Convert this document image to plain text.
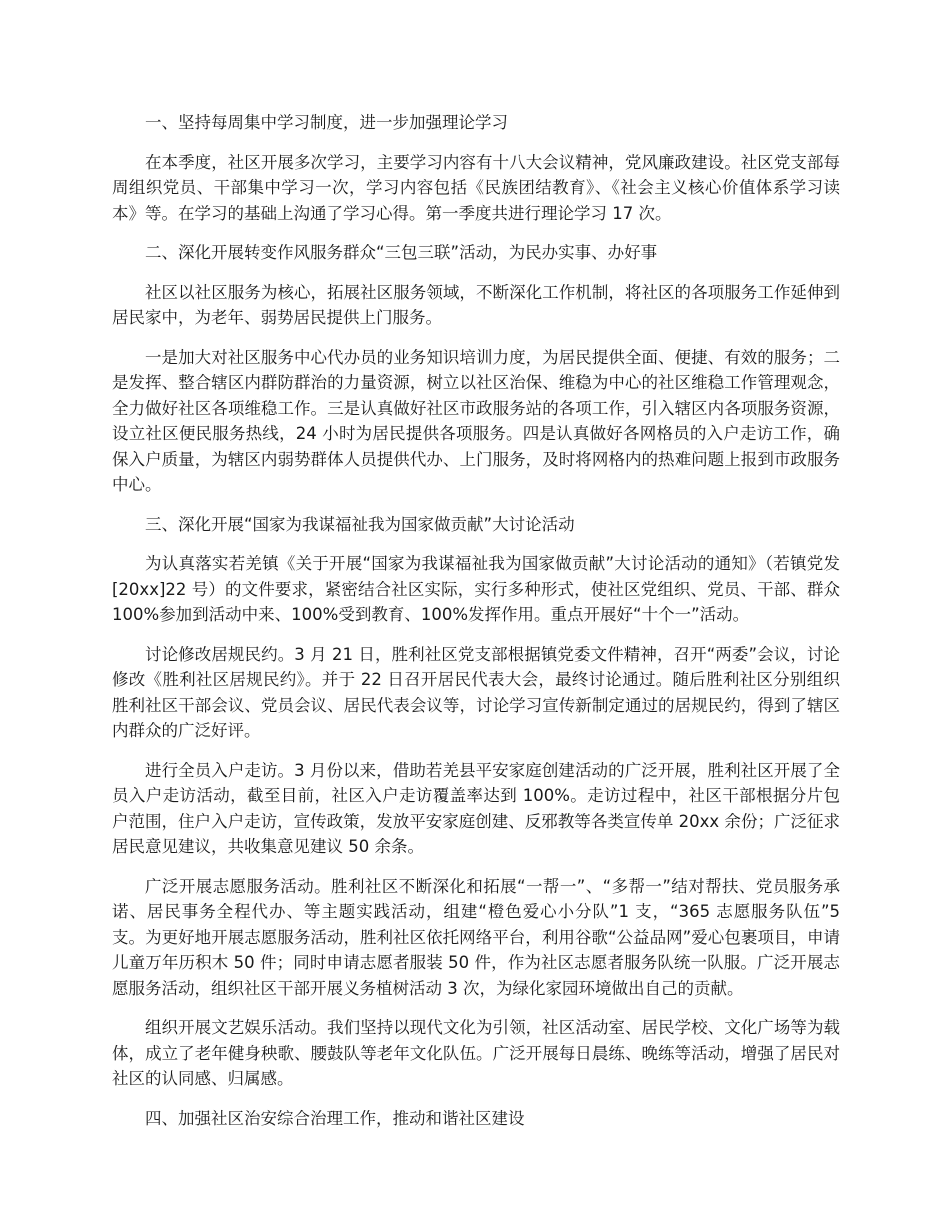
一、坚持每周集中学习制度，进一步加强理论学习

在本季度，社区开展多次学习，主要学习内容有十八大会议精神，党风廉政建设。社区党支部每周组织党员、干部集中学习一次，学习内容包括《民族团结教育》、《社会主义核心价值体系学习读本》等。在学习的基础上沟通了学习心得。第一季度共进行理论学习 17 次。

二、深化开展转变作风服务群众“三包三联”活动，为民办实事、办好事

社区以社区服务为核心，拓展社区服务领域，不断深化工作机制，将社区的各项服务工作延伸到居民家中，为老年、弱势居民提供上门服务。

一是加大对社区服务中心代办员的业务知识培训力度，为居民提供全面、便捷、有效的服务；二是发挥、整合辖区内群防群治的力量资源，树立以社区治保、维稳为中心的社区维稳工作管理观念，全力做好社区各项维稳工作。三是认真做好社区市政服务站的各项工作，引入辖区内各项服务资源，设立社区便民服务热线，24 小时为居民提供各项服务。四是认真做好各网格员的入户走访工作，确保入户质量，为辖区内弱势群体人员提供代办、上门服务，及时将网格内的热难问题上报到市政服务中心。

三、深化开展“国家为我谋福祉我为国家做贡献”大讨论活动

为认真落实若羌镇《关于开展“国家为我谋福祉我为国家做贡献”大讨论活动的通知》（若镇党发[20xx]22 号）的文件要求，紧密结合社区实际，实行多种形式，使社区党组织、党员、干部、群众 100%参加到活动中来、100%受到教育、100%发挥作用。重点开展好“十个一”活动。

讨论修改居规民约。3 月 21 日，胜利社区党支部根据镇党委文件精神，召开“两委”会议，讨论修改《胜利社区居规民约》。并于 22 日召开居民代表大会，最终讨论通过。随后胜利社区分别组织胜利社区干部会议、党员会议、居民代表会议等，讨论学习宣传新制定通过的居规民约，得到了辖区内群众的广泛好评。

进行全员入户走访。3 月份以来，借助若羌县平安家庭创建活动的广泛开展，胜利社区开展了全员入户走访活动，截至目前，社区入户走访覆盖率达到 100%。走访过程中，社区干部根据分片包户范围，住户入户走访，宣传政策，发放平安家庭创建、反邪教等各类宣传单 20xx 余份；广泛征求居民意见建议，共收集意见建议 50 余条。

广泛开展志愿服务活动。胜利社区不断深化和拓展“一帮一”、“多帮一”结对帮扶、党员服务承诺、居民事务全程代办、等主题实践活动，组建“橙色爱心小分队”1 支，“365 志愿服务队伍”5 支。为更好地开展志愿服务活动，胜利社区依托网络平台，利用谷歌“公益品网”爱心包裹项目，申请儿童万年历积木 50 件；同时申请志愿者服装 50 件，作为社区志愿者服务队统一队服。广泛开展志愿服务活动，组织社区干部开展义务植树活动 3 次，为绿化家园环境做出自己的贡献。

组织开展文艺娱乐活动。我们坚持以现代文化为引领，社区活动室、居民学校、文化广场等为载体，成立了老年健身秧歌、腰鼓队等老年文化队伍。广泛开展每日晨练、晚练等活动，增强了居民对社区的认同感、归属感。

四、加强社区治安综合治理工作，推动和谐社区建设
